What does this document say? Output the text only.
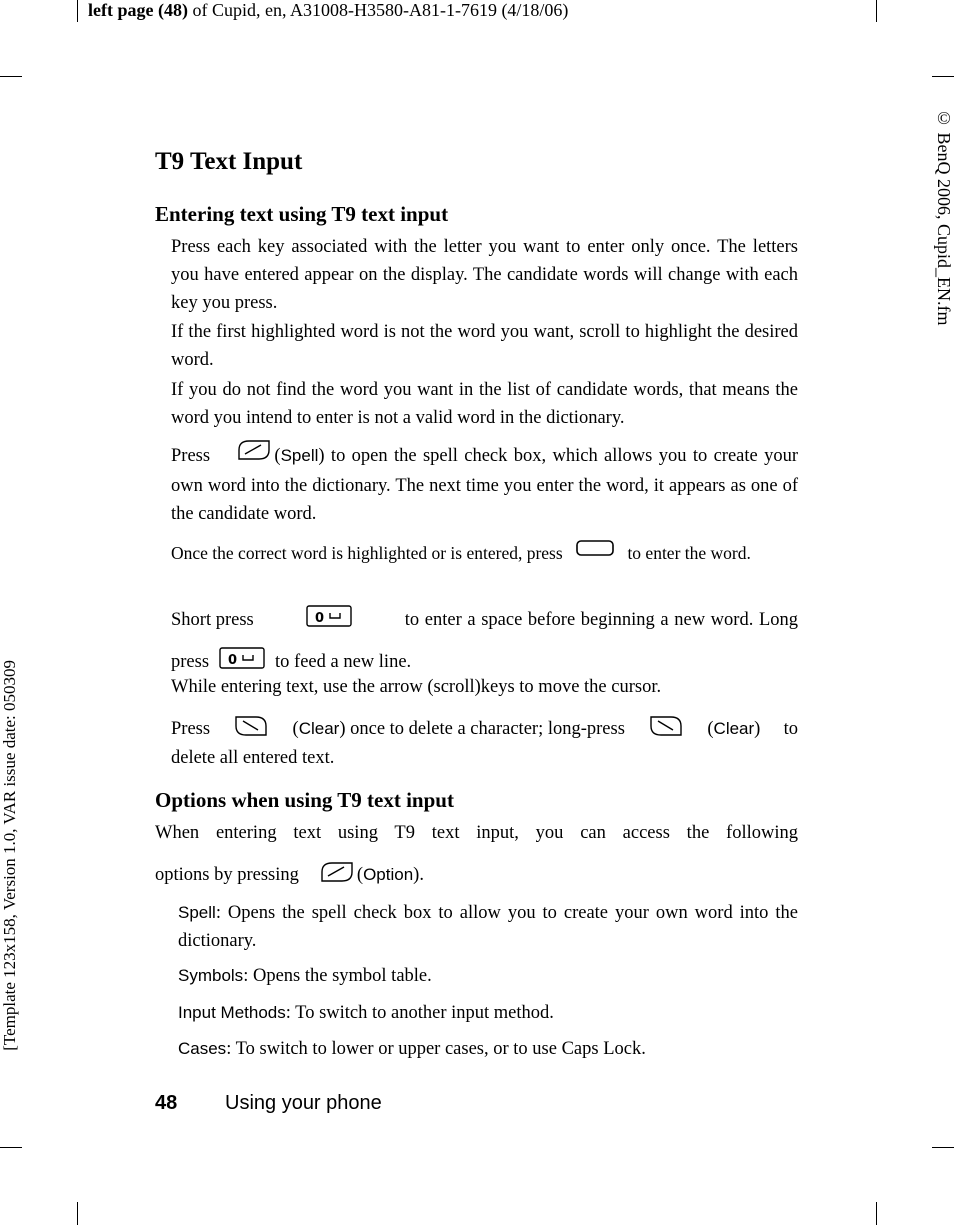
left page (48) of Cupid, en, A31008-H3580-A81-1-7619 (4/18/06)
© BenQ 2006, Cupid_EN.fm
[Template 123x158, Version 1.0, VAR issue date: 050309
T9 Text Input
Entering text using T9 text input

Press each key associated with the letter you want to enter only once. The letters you have entered appear on the display. The candidate words will change with each key you press.

If the first highlighted word is not the word you want, scroll to highlight the desired word.

If you do not find the word you want in the list of candidate words, that means the word you intend to enter is not a valid word in the dictionary.

Press	(Spell) to open the spell check box, which allows you to create your own word into the dictionary. The next time you enter the word, it appears as one of the candidate word.

Once the correct word is highlighted or is entered, press	to enter the word.

Short press	0	to enter a space before beginning a new word. Long
press 0 to feed a new line.

While entering text, use the arrow (scroll)keys to move the cursor.

Press	(Clear) once to delete a character; long-press	(Clear) to
delete all entered text.
Options when using T9 text input

When entering text using T9 text input, you can access the following

options by pressing	(Option).

Spell: Opens the spell check box to allow you to create your own word into the dictionary.

Symbols: Opens the symbol table.

Input Methods: To switch to another input method.

Cases: To switch to lower or upper cases, or to use Caps Lock.

48 Using your phone
